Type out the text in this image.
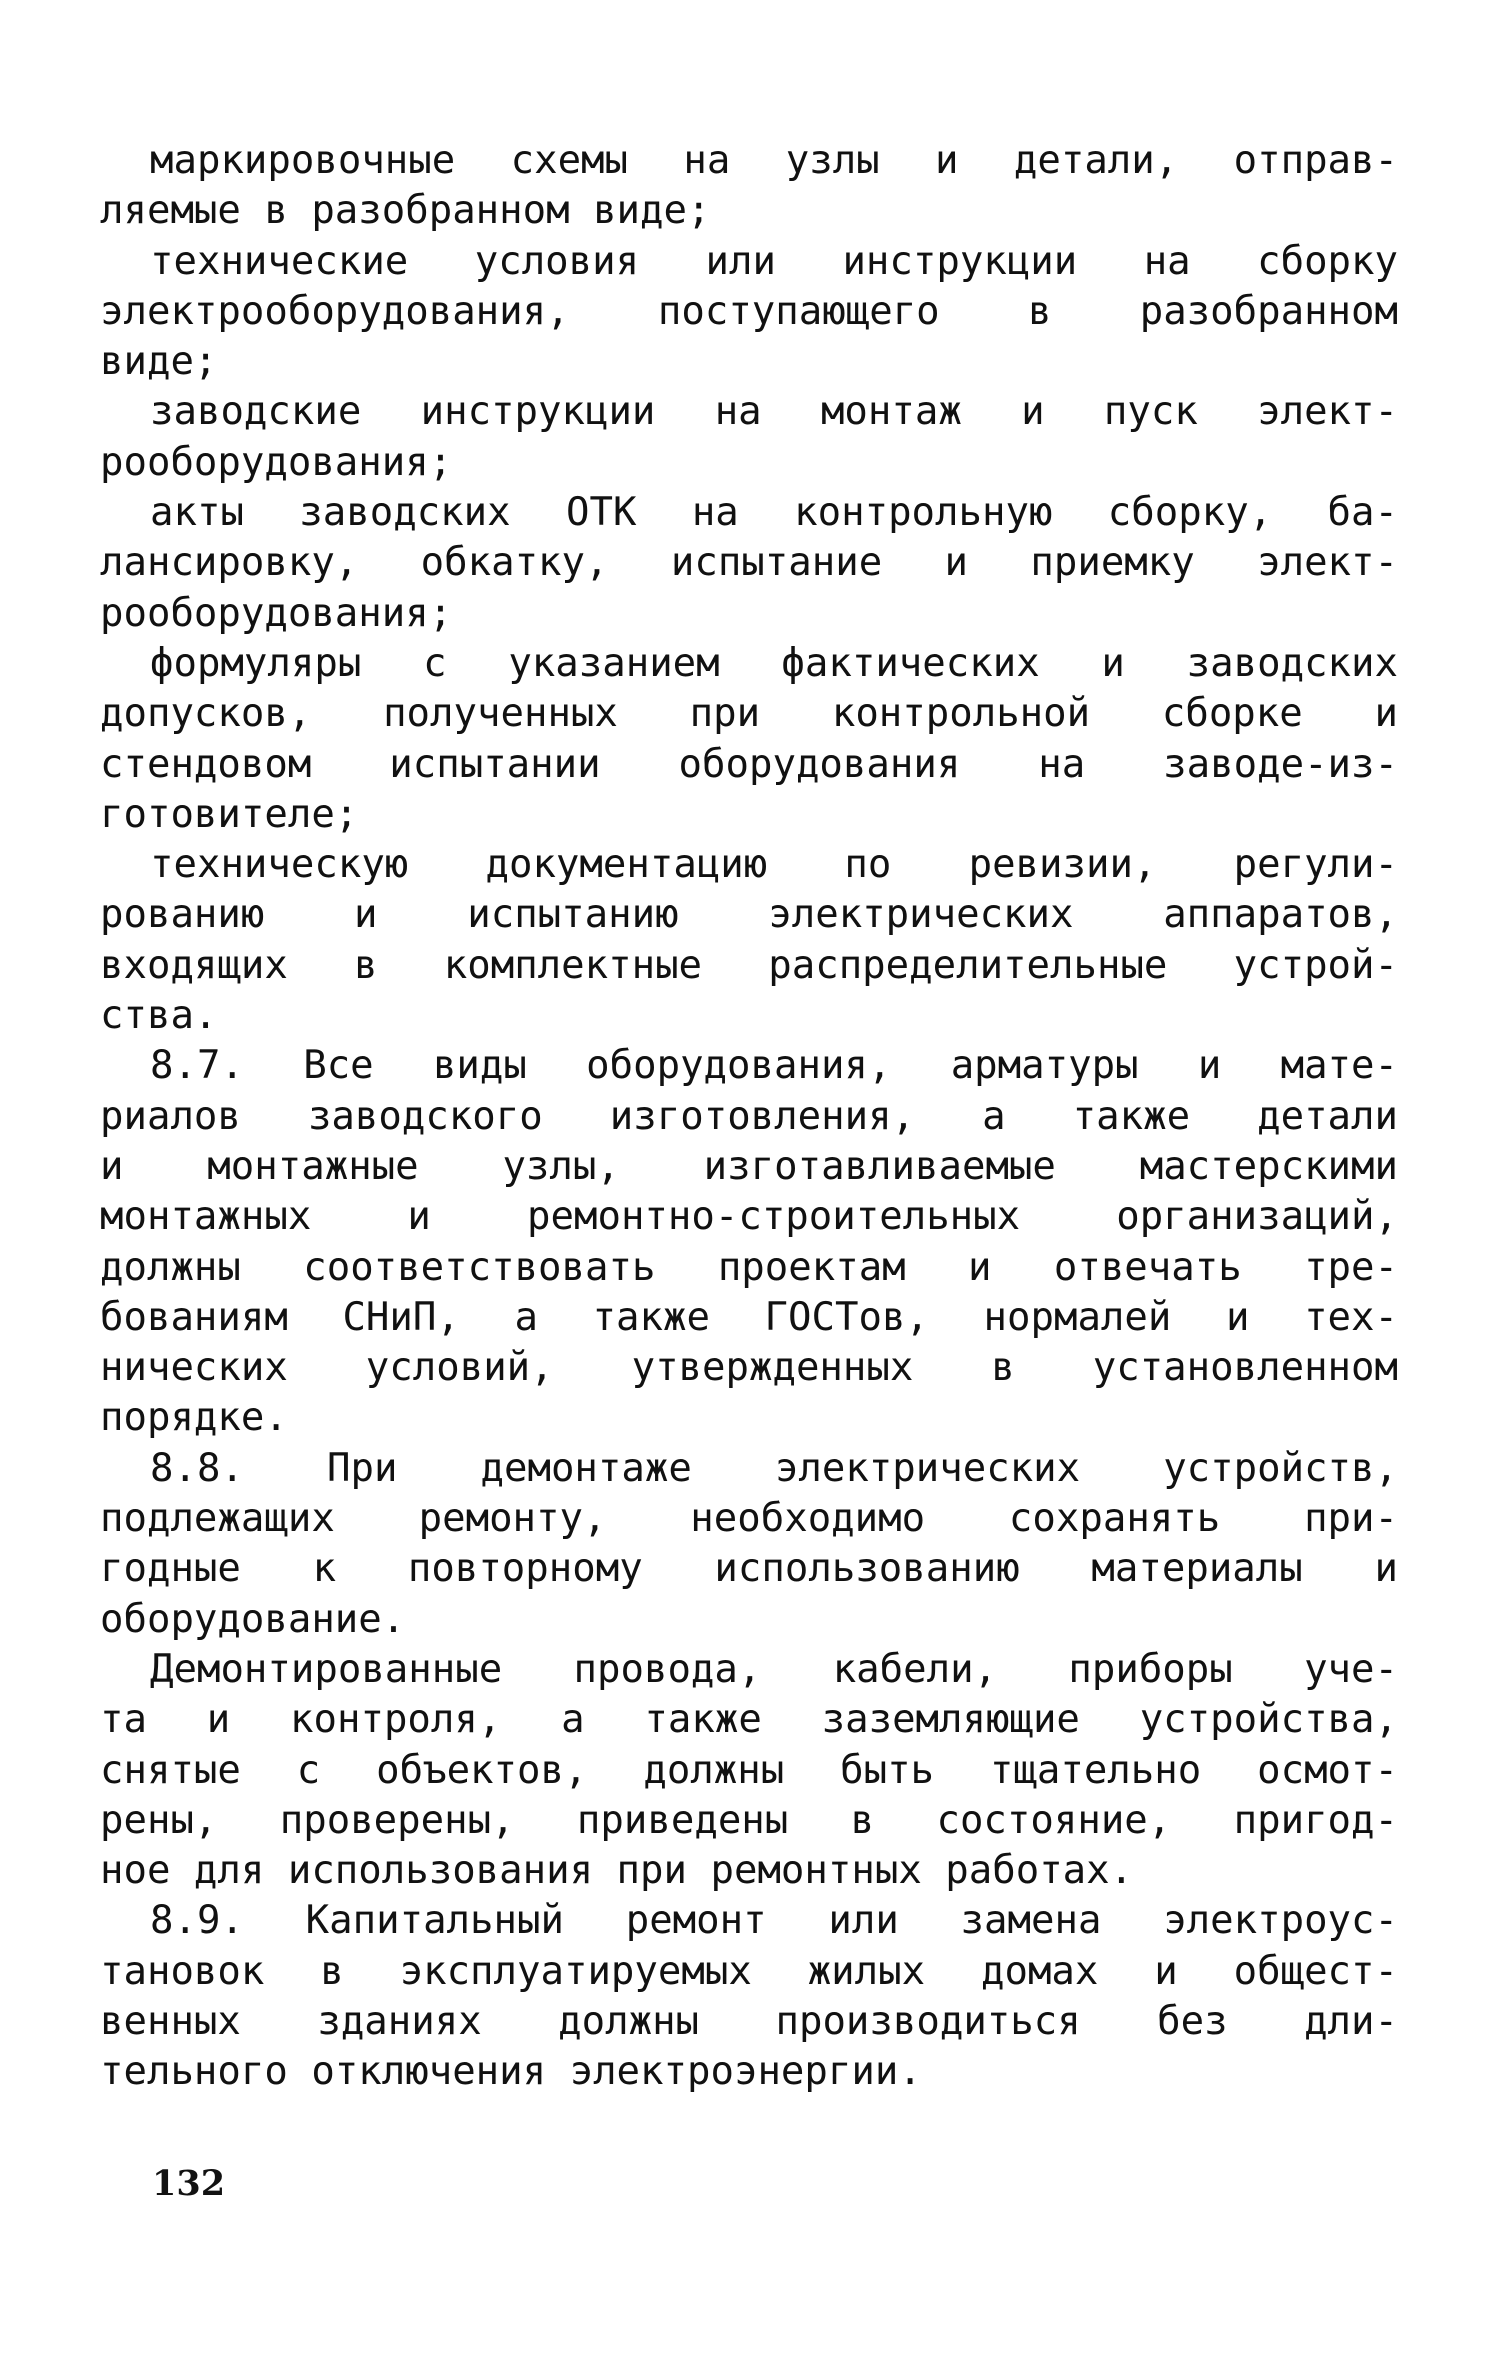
маркировочные схемы на узлы и детали, отправ-
ляемые в разобранном виде;
технические условия или инструкции на сборку
электрооборудования, поступающего в разобранном
виде;
заводские инструкции на монтаж и пуск элект-
рооборудования;
акты заводских ОТК на контрольную сборку, ба-
лансировку, обкатку, испытание и приемку элект-
рооборудования;
формуляры с указанием фактических и заводских
допусков, полученных при контрольной сборке и
стендовом испытании оборудования на заводе-из-
готовителе;
техническую документацию по ревизии, регули-
рованию и испытанию электрических аппаратов,
входящих в комплектные распределительные устрой-
ства.
8.7. Все виды оборудования, арматуры и мате-
риалов заводского изготовления, а также детали
и монтажные узлы, изготавливаемые мастерскими
монтажных и ремонтно-строительных организаций,
должны соответствовать проектам и отвечать тре-
бованиям СНиП, а также ГОСТов, нормалей и тех-
нических условий, утвержденных в установленном
порядке.
8.8. При демонтаже электрических устройств,
подлежащих ремонту, необходимо сохранять при-
годные к повторному использованию материалы и
оборудование.
Демонтированные провода, кабели, приборы уче-
та и контроля, а также заземляющие устройства,
снятые с объектов, должны быть тщательно осмот-
рены, проверены, приведены в состояние, пригод-
ное для использования при ремонтных работах.
8.9. Капитальный ремонт или замена электроус-
тановок в эксплуатируемых жилых домах и общест-
венных зданиях должны производиться без дли-
тельного отключения электроэнергии.
132
